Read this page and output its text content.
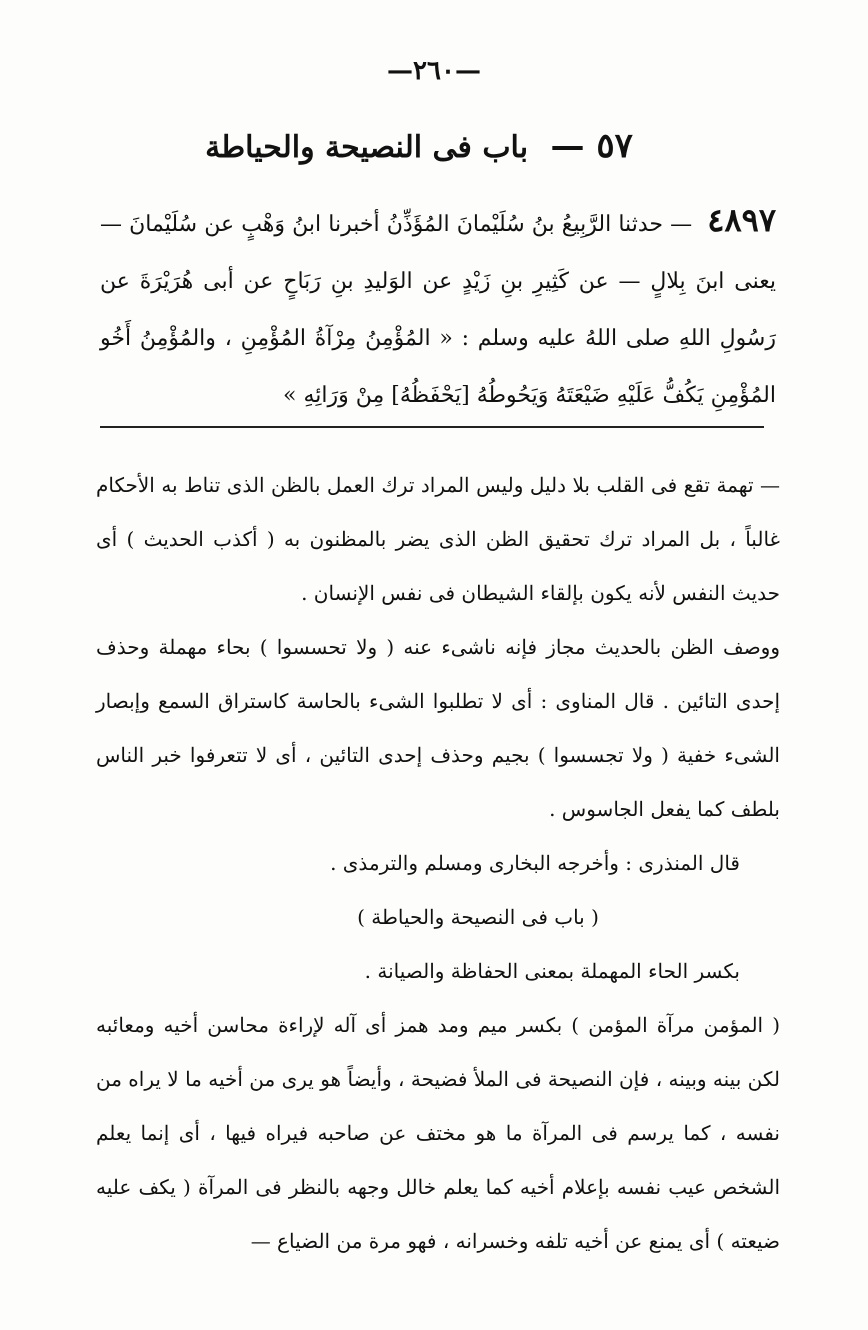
—٢٦٠—
٥٧ — باب فى النصيحة والحياطة
٤٨٩٧ — حدثنا الرَّبِيعُ بنُ سُلَيْمانَ المُؤَذِّنُ أخبرنا ابنُ وَهْبٍ عن سُلَيْمانَ — يعنى ابنَ بِلالٍ — عن كَثِيرِ بنِ زَيْدٍ عن الوَليدِ بنِ رَبَاحٍ عن أبى هُرَيْرَةَ عن رَسُولِ اللهِ صلى اللهُ عليه وسلم : « المُؤْمِنُ مِرْآةُ المُؤْمِنِ ، والمُؤْمِنُ أَخُو المُؤْمِنِ يَكُفُّ عَلَيْهِ ضَيْعَتَهُ وَيَحُوطُهُ [يَحْفَظُهُ] مِنْ وَرَائِهِ »

— تهمة تقع فى القلب بلا دليل وليس المراد ترك العمل بالظن الذى تناط به الأحكام غالباً ، بل المراد ترك تحقيق الظن الذى يضر بالمظنون به ( أكذب الحديث ) أى حديث النفس لأنه يكون بإلقاء الشيطان فى نفس الإنسان .

ووصف الظن بالحديث مجاز فإنه ناشىء عنه ( ولا تحسسوا ) بحاء مهملة وحذف إحدى التائين . قال المناوى : أى لا تطلبوا الشىء بالحاسة كاستراق السمع وإبصار الشىء خفية ( ولا تجسسوا ) بجيم وحذف إحدى التائين ، أى لا تتعرفوا خبر الناس بلطف كما يفعل الجاسوس .

قال المنذرى : وأخرجه البخارى ومسلم والترمذى .

( باب فى النصيحة والحياطة )

بكسر الحاء المهملة بمعنى الحفاظة والصيانة .

( المؤمن مرآة المؤمن ) بكسر ميم ومد همز أى آله لإراءة محاسن أخيه ومعائبه لكن بينه وبينه ، فإن النصيحة فى الملأ فضيحة ، وأيضاً هو يرى من أخيه ما لا يراه من نفسه ، كما يرسم فى المرآة ما هو مختف عن صاحبه فيراه فيها ، أى إنما يعلم الشخص عيب نفسه بإعلام أخيه كما يعلم خالل وجهه بالنظر فى المرآة ( يكف عليه ضيعته ) أى يمنع عن أخيه تلفه وخسرانه ، فهو مرة من الضياع —
